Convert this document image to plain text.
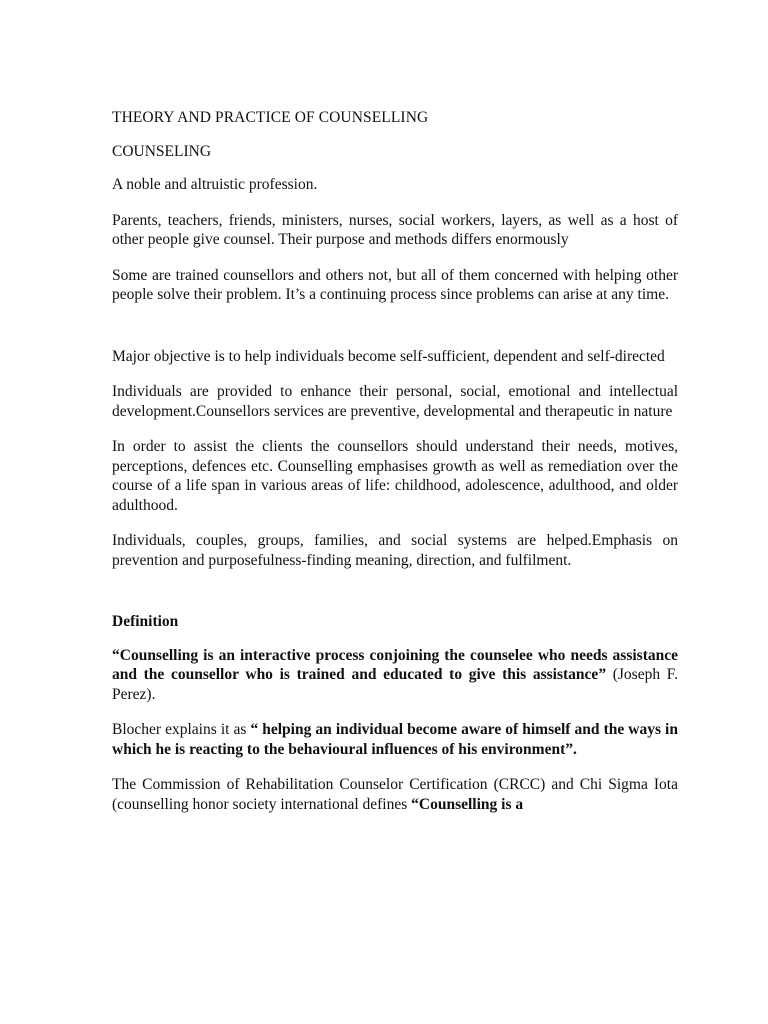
THEORY AND PRACTICE OF COUNSELLING

COUNSELING

A noble and altruistic profession.

Parents, teachers, friends, ministers, nurses, social workers, layers, as well as a host of other people give counsel. Their purpose and methods differs enormously

Some are trained counsellors and others not, but all of them concerned with helping other people solve their problem. It’s a continuing process since problems can arise at any time.

Major objective is to help individuals become self-sufficient, dependent and self-directed

Individuals are provided to enhance their personal, social, emotional and intellectual development.Counsellors services are preventive, developmental and therapeutic in nature

In order to assist the clients the counsellors should understand their needs, motives, perceptions, defences etc. Counselling emphasises growth as well as remediation over the course of a life span in various areas of life: childhood, adolescence, adulthood, and older adulthood.

Individuals, couples, groups, families, and social systems are helped.Emphasis on prevention and purposefulness-finding meaning, direction, and fulfilment.

Definition

“Counselling is an interactive process conjoining the counselee who needs assistance and the counsellor who is trained and educated to give this assistance” (Joseph F. Perez).

Blocher explains it as “ helping an individual become aware of himself and the ways in which he is reacting to the behavioural influences of his environment”.

The Commission of Rehabilitation Counselor Certification (CRCC) and Chi Sigma Iota (counselling honor society international defines “Counselling is a
